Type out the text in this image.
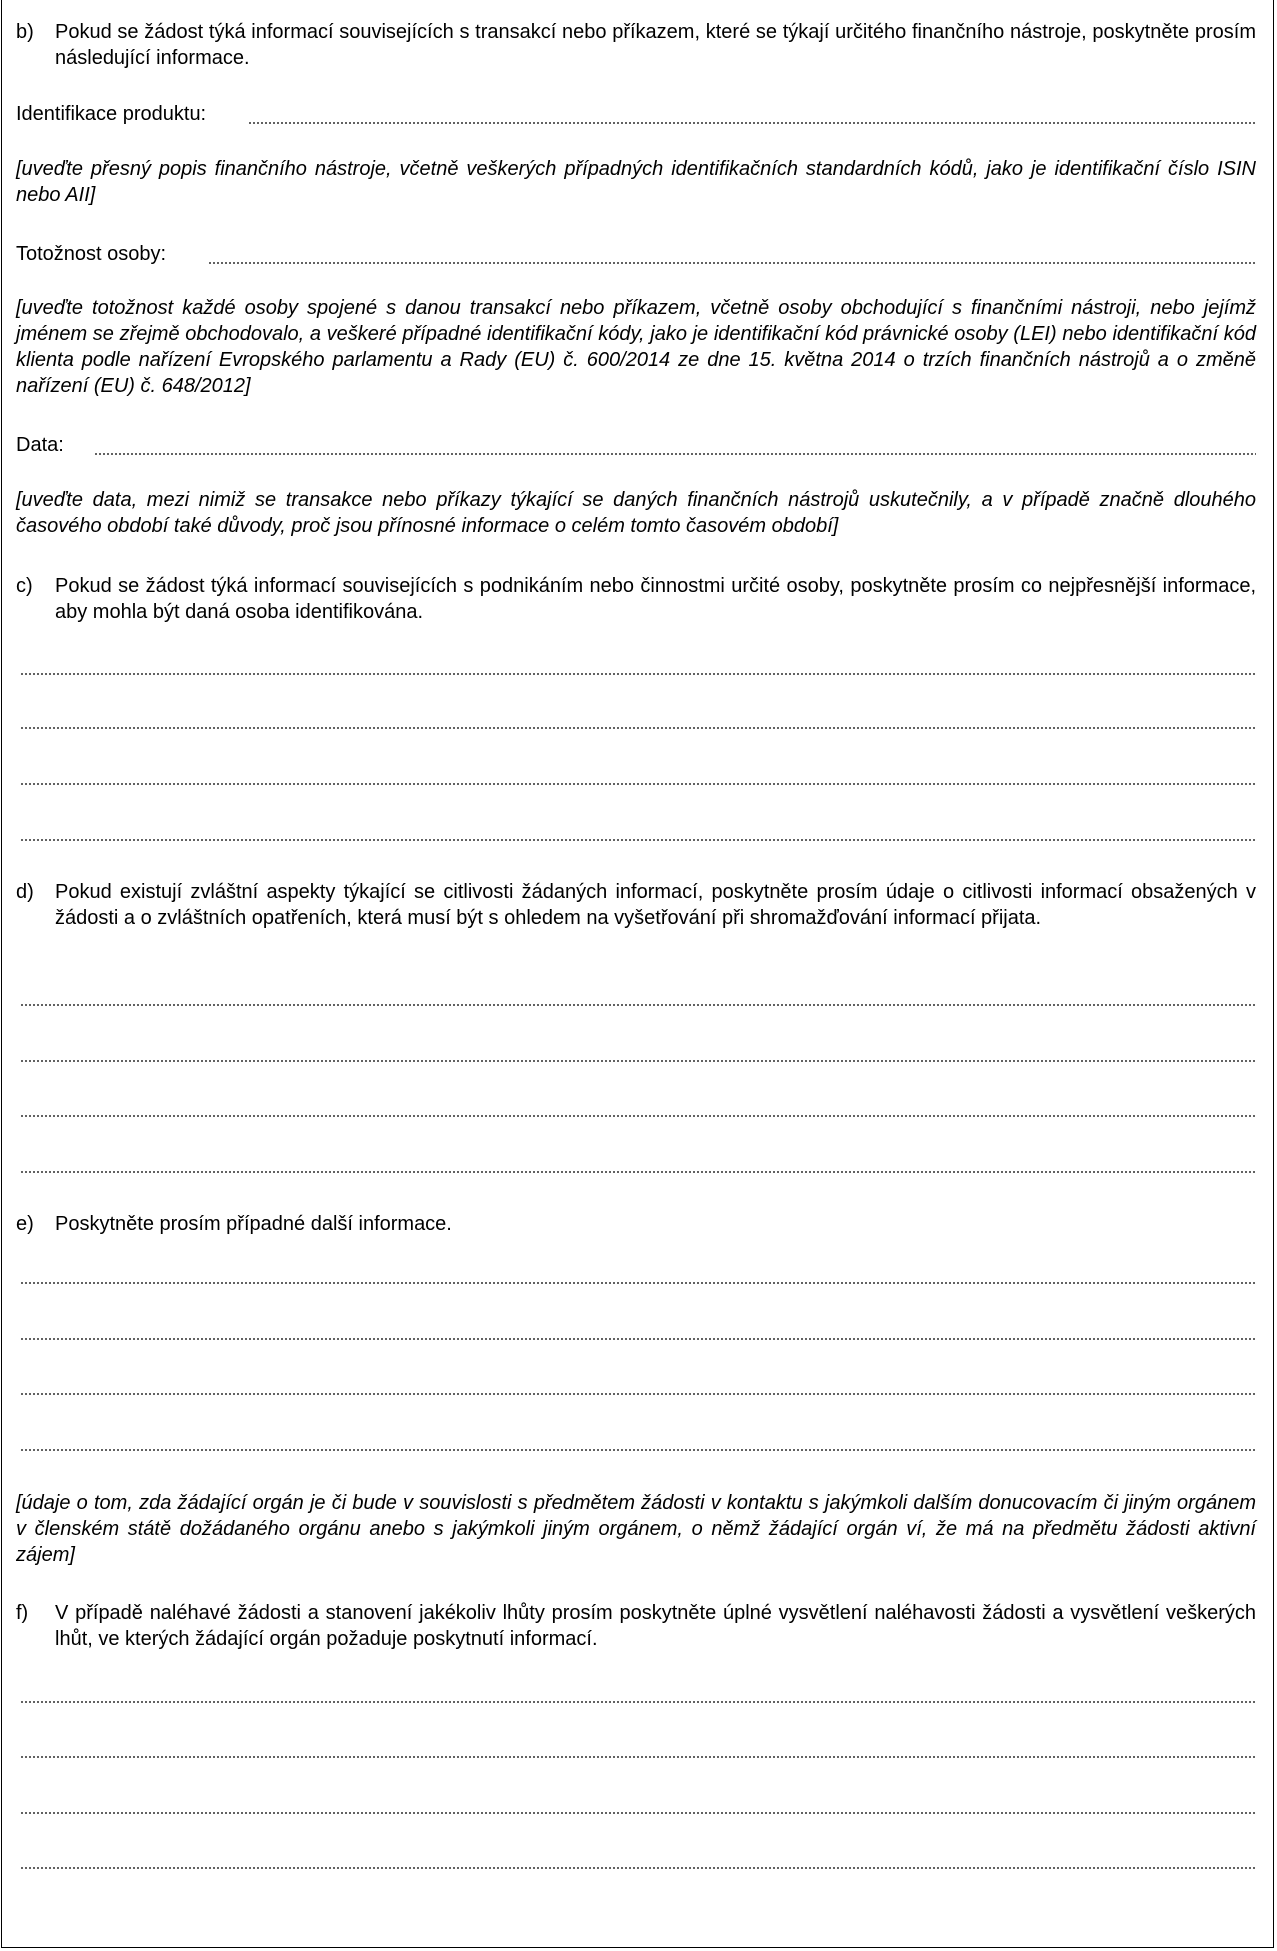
b) Pokud se žádost týká informací souvisejících s transakcí nebo příkazem, které se týkají určitého finančního nástroje, poskytněte prosím následující informace.
Identifikace produktu:
[uveďte přesný popis finančního nástroje, včetně veškerých případných identifikačních standardních kódů, jako je identifikační číslo ISIN nebo AII]
Totožnost osoby:
[uveďte totožnost každé osoby spojené s danou transakcí nebo příkazem, včetně osoby obchodující s finančními nástroji, nebo jejímž jménem se zřejmě obchodovalo, a veškeré případné identifikační kódy, jako je identifikační kód právnické osoby (LEI) nebo identifikační kód klienta podle nařízení Evropského parlamentu a Rady (EU) č. 600/2014 ze dne 15. května 2014 o trzích finančních nástrojů a o změně nařízení (EU) č. 648/2012]
Data:
[uveďte data, mezi nimiž se transakce nebo příkazy týkající se daných finančních nástrojů uskutečnily, a v případě značně dlouhého časového období také důvody, proč jsou přínosné informace o celém tomto časovém období]
c) Pokud se žádost týká informací souvisejících s podnikáním nebo činnostmi určité osoby, poskytněte prosím co nejpřesnější informace, aby mohla být daná osoba identifikována.
d) Pokud existují zvláštní aspekty týkající se citlivosti žádaných informací, poskytněte prosím údaje o citlivosti informací obsažených v žádosti a o zvláštních opatřeních, která musí být s ohledem na vyšetřování při shromažďování informací přijata.
e) Poskytněte prosím případné další informace.
[údaje o tom, zda žádající orgán je či bude v souvislosti s předmětem žádosti v kontaktu s jakýmkoli dalším donucovacím či jiným orgánem v členském státě dožádaného orgánu anebo s jakýmkoli jiným orgánem, o němž žádající orgán ví, že má na předmětu žádosti aktivní zájem]
f) V případě naléhavé žádosti a stanovení jakékoliv lhůty prosím poskytněte úplné vysvětlení naléhavosti žádosti a vysvětlení veškerých lhůt, ve kterých žádající orgán požaduje poskytnutí informací.
